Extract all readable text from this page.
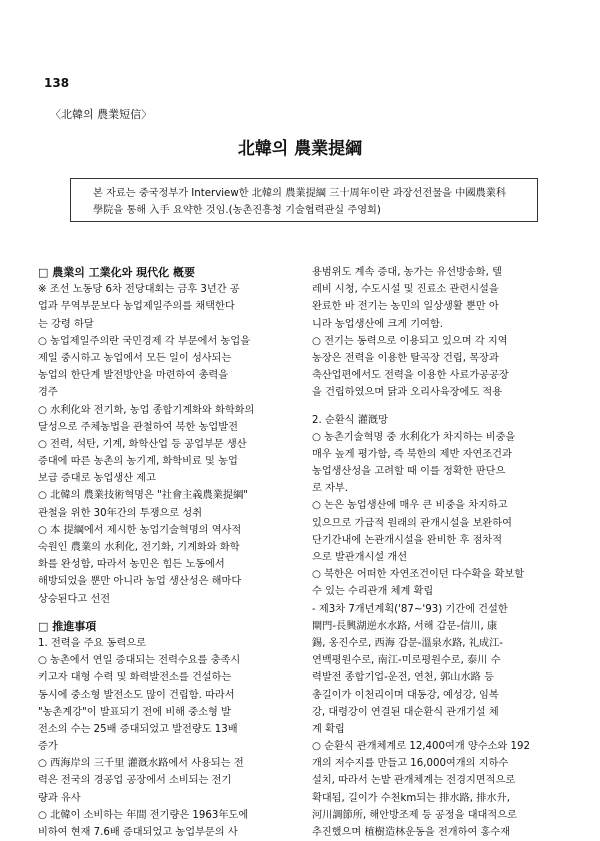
138
〈北韓의 農業短信〉
北韓의 農業提綱

본 자료는 중국정부가 Interview한 北韓의 農業提綱 三十周年이란 과장선전물을 中國農業科

學院을 통해 入手 요약한 것임.(농촌진흥청 기술협력관실 주영회)

□ 農業의 工業化와 現代化 槪要
※ 조선 노동당 6차 전당대회는 금후 3년간 공
업과 무역부문보다 농업제일주의를 채택한다
는 강령 하달
○ 농업제일주의란 국민경제 각 부문에서 농업을
제일 중시하고 농업에서 모든 일이 성사되는
농업의 한단계 발전방안을 마련하여 총력을
경주
○ 水利化와 전기화, 농업 종합기계화와 화학화의
달성으로 주체농법을 관철하여 북한 농업발전
○ 전력, 석탄, 기계, 화학산업 등 공업부문 생산
증대에 따른 농촌의 농기계, 화학비료 및 농업
보급 증대로 농업생산 제고
○ 北韓의 農業技術혁명은 "社會主義農業提綱"
관철을 위한 30年간의 투쟁으로 성취
○ 本 提綱에서 제시한 농업기술혁명의 역사적
숙원인 農業의 水利化, 전기화, 기계화와 화학
화를 완성함, 따라서 농민은 힘든 노동에서
해방되었을 뿐만 아니라 농업 생산성은 해마다
상승된다고 선전
□ 推進事項
1. 전력을 주요 동력으로
○ 농촌에서 연일 증대되는 전력수요를 충족시
키고자 대형 수력 및 화력발전소를 건설하는
동시에 중소형 발전소도 많이 건립함. 따라서
"농촌계강"이 발표되기 전에 비해 중소형 발
전소의 수는 25배 증대되었고 발전량도 13배
증가
○ 西海岸의 三千里 灌漑水路에서 사용되는 전
력은 전국의 경공업 공장에서 소비되는 전기
량과 유사
○ 北韓이 소비하는 年間 전기량은 1963年도에
비하여 현재 7.6배 증대되었고 농업부문의 사
용범위도 계속 증대, 농가는 유선방송화, 텔
레비 시청, 수도시설 및 진료소 관련시설을
완료한 바 전기는 농민의 일상생활 뿐만 아
니라 농업생산에 크게 기여함.
○ 전기는 동력으로 이용되고 있으며 각 지역
농장은 전력을 이용한 탈곡장 건립, 목장과
축산업편에서도 전력을 이용한 사료가공공장
을 건립하였으며 닭과 오리사육장에도 적용
2. 순환식 灌漑망
○ 농촌기술혁명 중 水利化가 차지하는 비중을
매우 높게 평가함, 즉 북한의 제반 자연조건과
농업생산성을 고려할 때 이를 정확한 판단으
로 자부.
○ 논은 농업생산에 매우 큰 비중을 차지하고
있으므로 가급적 원래의 관개시설을 보완하여
단기간내에 논관개시설을 완비한 후 점차적
으로 발관개시설 개선
○ 북한은 어떠한 자연조건이던 다수확을 확보할
수 있는 수리관개 체계 확립
- 제3차 7개년계획('87~'93) 기간에 건설한
閘門-長興湖逆水水路, 서해 갑문-信川, 康
錫, 옹진수로, 西海 갑문-溫泉水路, 礼成江-
연백평원수로, 南江-미로평원수로, 泰川 수
력발전 종합기업-운전, 연천, 郭山水路 등
총길이가 이천리이며 대동강, 예성강, 임복
강, 대령강이 연결된 대순환식 관개기설 체
계 확립
○ 순환식 관개체계로 12,400여개 양수소와 192
개의 저수지를 만들고 16,000여개의 지하수
설치, 따라서 논밭 관개체계는 전경지면적으로
확대됨, 길이가 수천km되는 排水路, 排水升,
河川調節所, 해안방조제 등 공정을 대대적으로
추진했으며 植樹造林운동을 전개하여 홍수재
